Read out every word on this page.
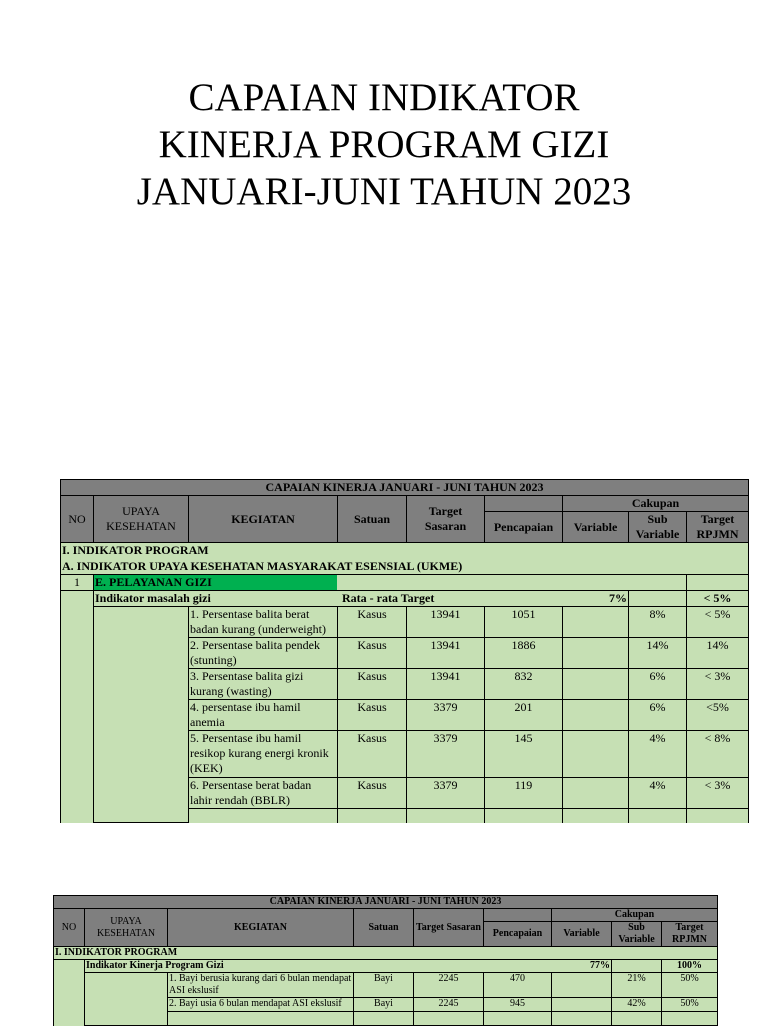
CAPAIAN INDIKATOR
KINERJA PROGRAM GIZI
JANUARI-JUNI TAHUN 2023
CAPAIAN KINERJA JANUARI - JUNI TAHUN 2023								
NO	UPAYA KESEHATAN	KEGIATAN	Satuan	Target Sasaran		Cakupan		
					Pencapaian	Variable	Sub Variable	Target RPJMN
I. INDIKATOR PROGRAM								
A. INDIKATOR UPAYA KESEHATAN MASYARAKAT ESENSIAL (UKME)								
1	E. PELAYANAN GIZI							
	Indikator masalah gizi		Rata - rata Target			7%		< 5%
		1. Persentase balita berat badan kurang (underweight)	Kasus	13941	1051		8%	< 5%
		2. Persentase balita pendek (stunting)	Kasus	13941	1886		14%	14%
		3. Persentase balita gizi kurang (wasting)	Kasus	13941	832		6%	< 3%
		4. persentase ibu hamil anemia	Kasus	3379	201		6%	<5%
		5. Persentase ibu hamil resikop kurang energi kronik (KEK)	Kasus	3379	145		4%	< 8%
		6. Persentase berat badan lahir rendah (BBLR)	Kasus	3379	119		4%	< 3%

CAPAIAN KINERJA JANUARI - JUNI TAHUN 2023								
NO	UPAYA KESEHATAN	KEGIATAN	Satuan	Target Sasaran		Cakupan		
					Pencapaian	Variable	Sub Variable	Target RPJMN
I. INDIKATOR PROGRAM								
	Indikator Kinerja Program Gizi					77%		100%
		1. Bayi berusia kurang dari 6 bulan mendapat ASI ekslusif	Bayi	2245	470		21%	50%
		2. Bayi usia 6 bulan mendapat ASI ekslusif	Bayi	2245	945		42%	50%
